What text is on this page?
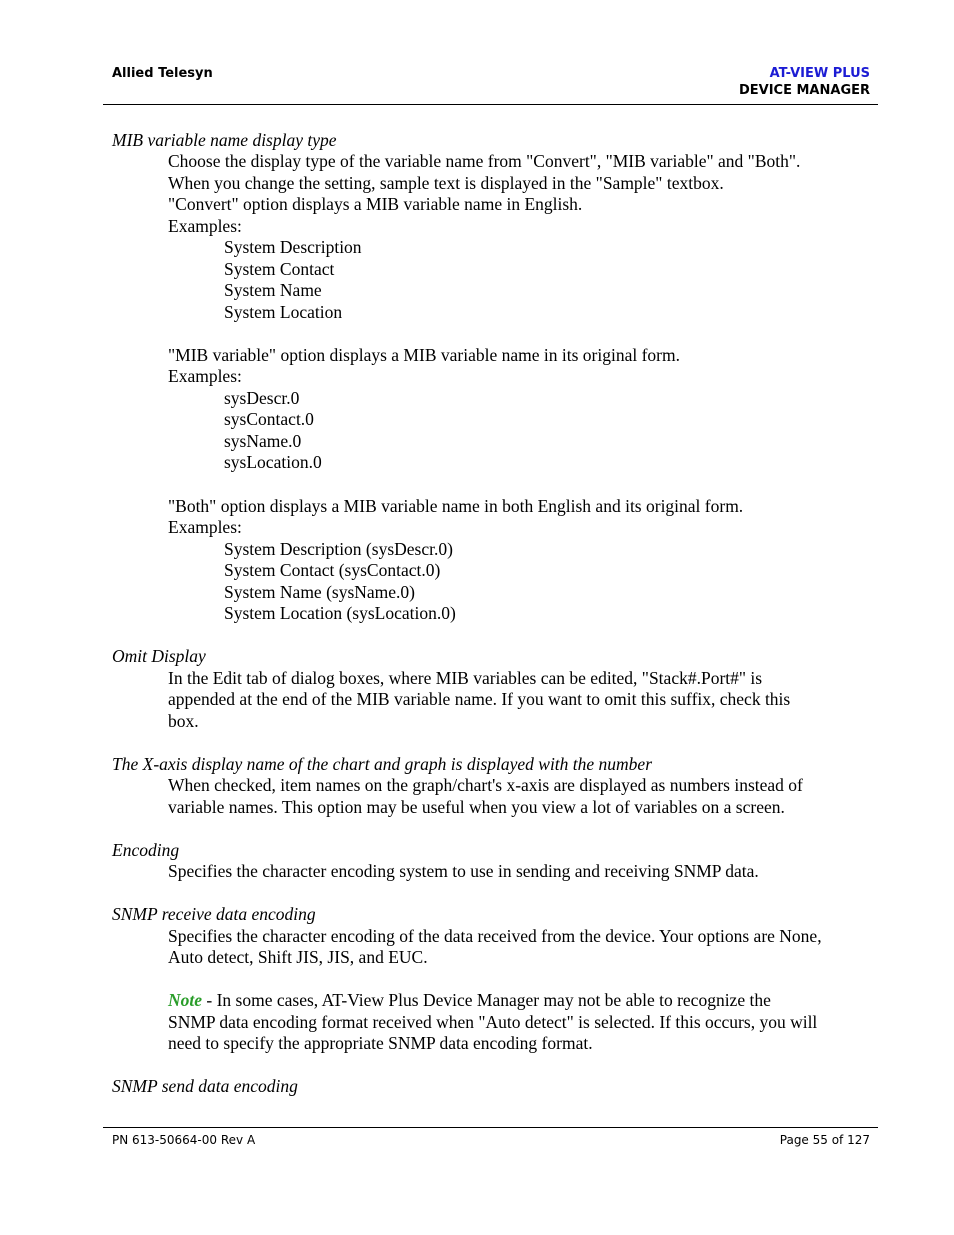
Allied Telesyn	AT-VIEW PLUS
DEVICE MANAGER
MIB variable name display type
Choose the display type of the variable name from "Convert", "MIB variable" and "Both".
When you change the setting, sample text is displayed in the "Sample" textbox.
"Convert" option displays a MIB variable name in English.
Examples:
System Description
System Contact
System Name
System Location
"MIB variable" option displays a MIB variable name in its original form.
Examples:
sysDescr.0
sysContact.0
sysName.0
sysLocation.0
"Both" option displays a MIB variable name in both English and its original form.
Examples:
System Description (sysDescr.0)
System Contact (sysContact.0)
System Name (sysName.0)
System Location (sysLocation.0)
Omit Display
In the Edit tab of dialog boxes, where MIB variables can be edited, "Stack#.Port#" is
appended at the end of the MIB variable name. If you want to omit this suffix, check this
box.
The X-axis display name of the chart and graph is displayed with the number
When checked, item names on the graph/chart's x-axis are displayed as numbers instead of
variable names. This option may be useful when you view a lot of variables on a screen.
Encoding
Specifies the character encoding system to use in sending and receiving SNMP data.
SNMP receive data encoding
Specifies the character encoding of the data received from the device. Your options are None,
Auto detect, Shift JIS, JIS, and EUC.
Note - In some cases, AT-View Plus Device Manager may not be able to recognize the
SNMP data encoding format received when "Auto detect" is selected. If this occurs, you will
need to specify the appropriate SNMP data encoding format.
SNMP send data encoding
PN 613-50664-00 Rev A	Page 55 of 127
